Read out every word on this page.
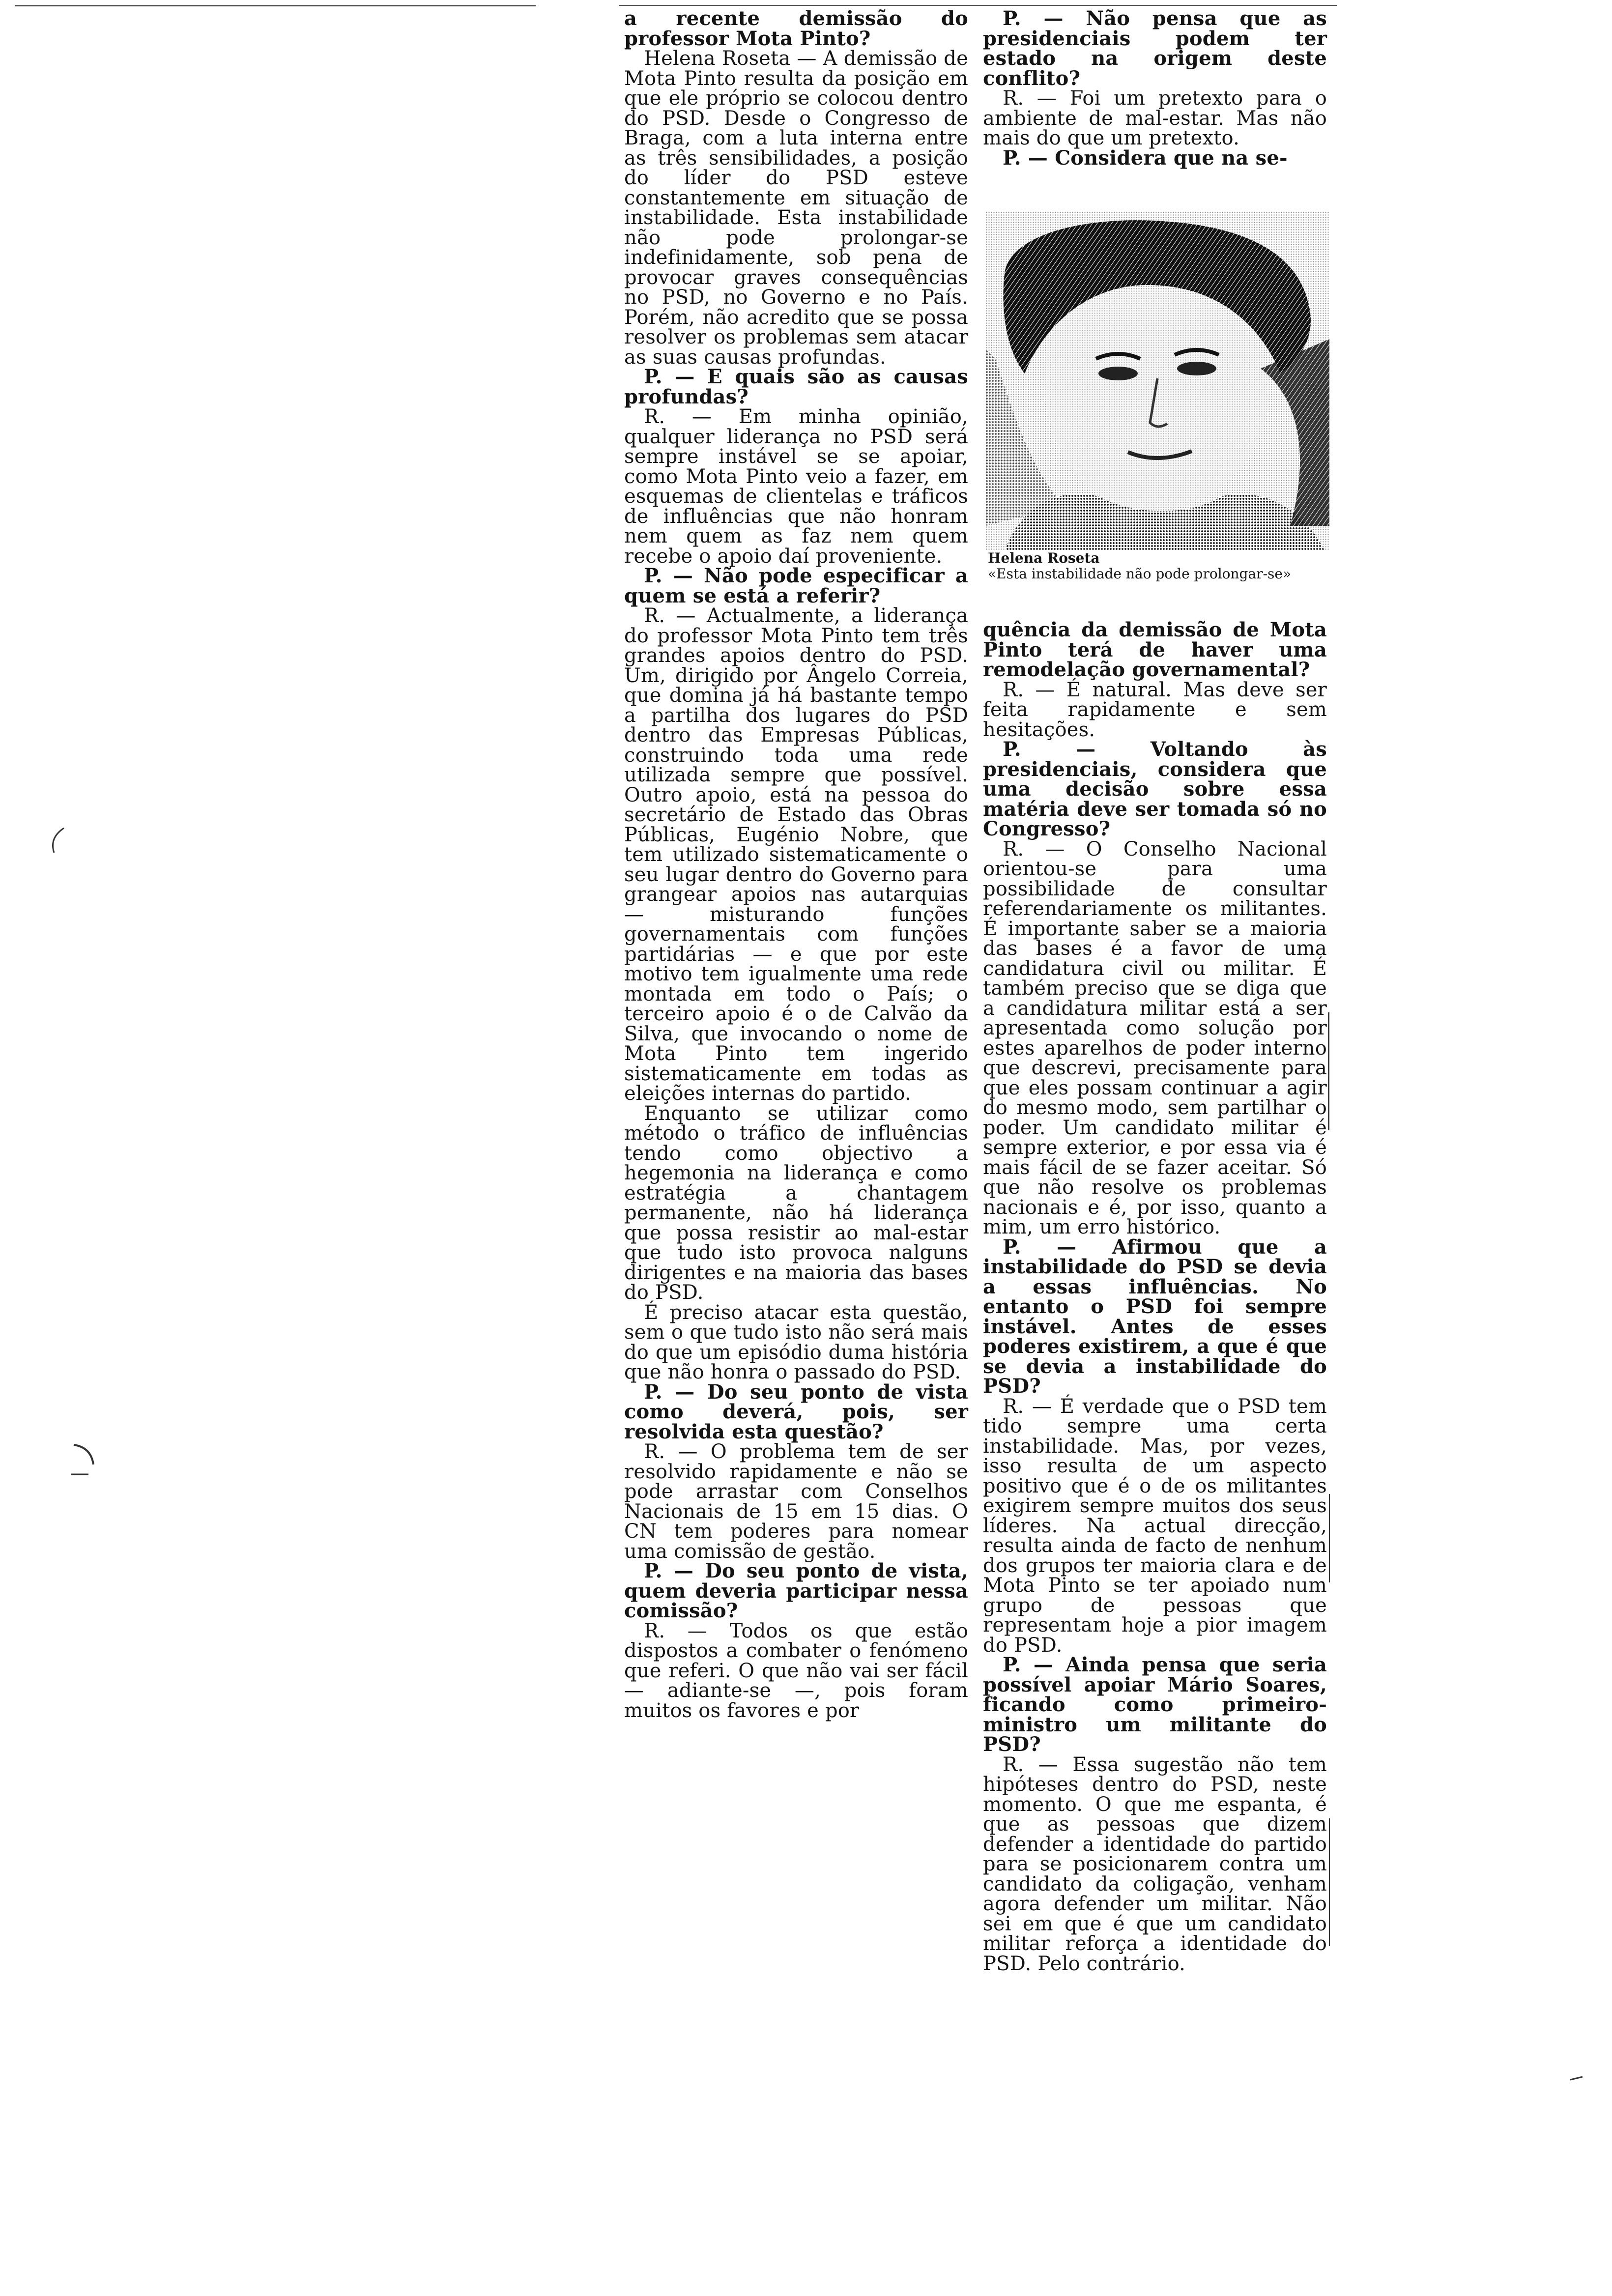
a recente demissão do professor Mota Pinto?

Helena Roseta — A demissão de Mota Pinto resulta da posição em que ele próprio se colocou dentro do PSD. Desde o Congresso de Braga, com a luta interna entre as três sensibilidades, a posição do líder do PSD esteve constantemente em situação de instabilidade. Esta instabilidade não pode prolongar-se indefinidamente, sob pena de provocar graves consequências no PSD, no Governo e no País. Porém, não acredito que se possa resolver os problemas sem atacar as suas causas profundas.

P. — E quais são as causas profundas?

R. — Em minha opinião, qualquer liderança no PSD será sempre instável se se apoiar, como Mota Pinto veio a fazer, em esquemas de clientelas e tráficos de influências que não honram nem quem as faz nem quem recebe o apoio daí proveniente.

P. — Não pode especificar a quem se está a referir?

R. — Actualmente, a liderança do professor Mota Pinto tem três grandes apoios dentro do PSD. Um, dirigido por Ângelo Correia, que domina já há bastante tempo a partilha dos lugares do PSD dentro das Empresas Públicas, construindo toda uma rede utilizada sempre que possível. Outro apoio, está na pessoa do secretário de Estado das Obras Públicas, Eugénio Nobre, que tem utilizado sistematicamente o seu lugar dentro do Governo para grangear apoios nas autarquias — misturando funções governamentais com funções partidárias — e que por este motivo tem igualmente uma rede montada em todo o País; o terceiro apoio é o de Calvão da Silva, que invocando o nome de Mota Pinto tem ingerido sistematicamente em todas as eleições internas do partido.

Enquanto se utilizar como método o tráfico de influências tendo como objectivo a hegemonia na liderança e como estratégia a chantagem permanente, não há liderança que possa resistir ao mal-estar que tudo isto provoca nalguns dirigentes e na maioria das bases do PSD.

É preciso atacar esta questão, sem o que tudo isto não será mais do que um episódio duma história que não honra o passado do PSD.

P. — Do seu ponto de vista como deverá, pois, ser resolvida esta questão?

R. — O problema tem de ser resolvido rapidamente e não se pode arrastar com Conselhos Nacionais de 15 em 15 dias. O CN tem poderes para nomear uma comissão de gestão.

P. — Do seu ponto de vista, quem deveria participar nessa comissão?

R. — Todos os que estão dispostos a combater o fenómeno que referi. O que não vai ser fácil — adiante-se —, pois foram muitos os favores e por

P. — Não pensa que as presidenciais podem ter estado na origem deste conflito?

R. — Foi um pretexto para o ambiente de mal-estar. Mas não mais do que um pretexto.

P. — Considera que na se-

Helena Roseta
«Esta instabilidade não pode prolongar-se»

quência da demissão de Mota Pinto terá de haver uma remodelação governamental?

R. — É natural. Mas deve ser feita rapidamente e sem hesitações.

P. — Voltando às presidenciais, considera que uma decisão sobre essa matéria deve ser tomada só no Congresso?

R. — O Conselho Nacional orientou-se para uma possibilidade de consultar referendariamente os militantes. É importante saber se a maioria das bases é a favor de uma candidatura civil ou militar. É também preciso que se diga que a candidatura militar está a ser apresentada como solução por estes aparelhos de poder interno que descrevi, precisamente para que eles possam continuar a agir do mesmo modo, sem partilhar o poder. Um candidato militar é sempre exterior, e por essa via é mais fácil de se fazer aceitar. Só que não resolve os problemas nacionais e é, por isso, quanto a mim, um erro histórico.

P. — Afirmou que a instabilidade do PSD se devia a essas influências. No entanto o PSD foi sempre instável. Antes de esses poderes existirem, a que é que se devia a instabilidade do PSD?

R. — É verdade que o PSD tem tido sempre uma certa instabilidade. Mas, por vezes, isso resulta de um aspecto positivo que é o de os militantes exigirem sempre muitos dos seus líderes. Na actual direcção, resulta ainda de facto de nenhum dos grupos ter maioria clara e de Mota Pinto se ter apoiado num grupo de pessoas que representam hoje a pior imagem do PSD.

P. — Ainda pensa que seria possível apoiar Mário Soares, ficando como primeiro-ministro um militante do PSD?

R. — Essa sugestão não tem hipóteses dentro do PSD, neste momento. O que me espanta, é que as pessoas que dizem defender a identidade do partido para se posicionarem contra um candidato da coligação, venham agora defender um militar. Não sei em que é que um candidato militar reforça a identidade do PSD. Pelo contrário.
